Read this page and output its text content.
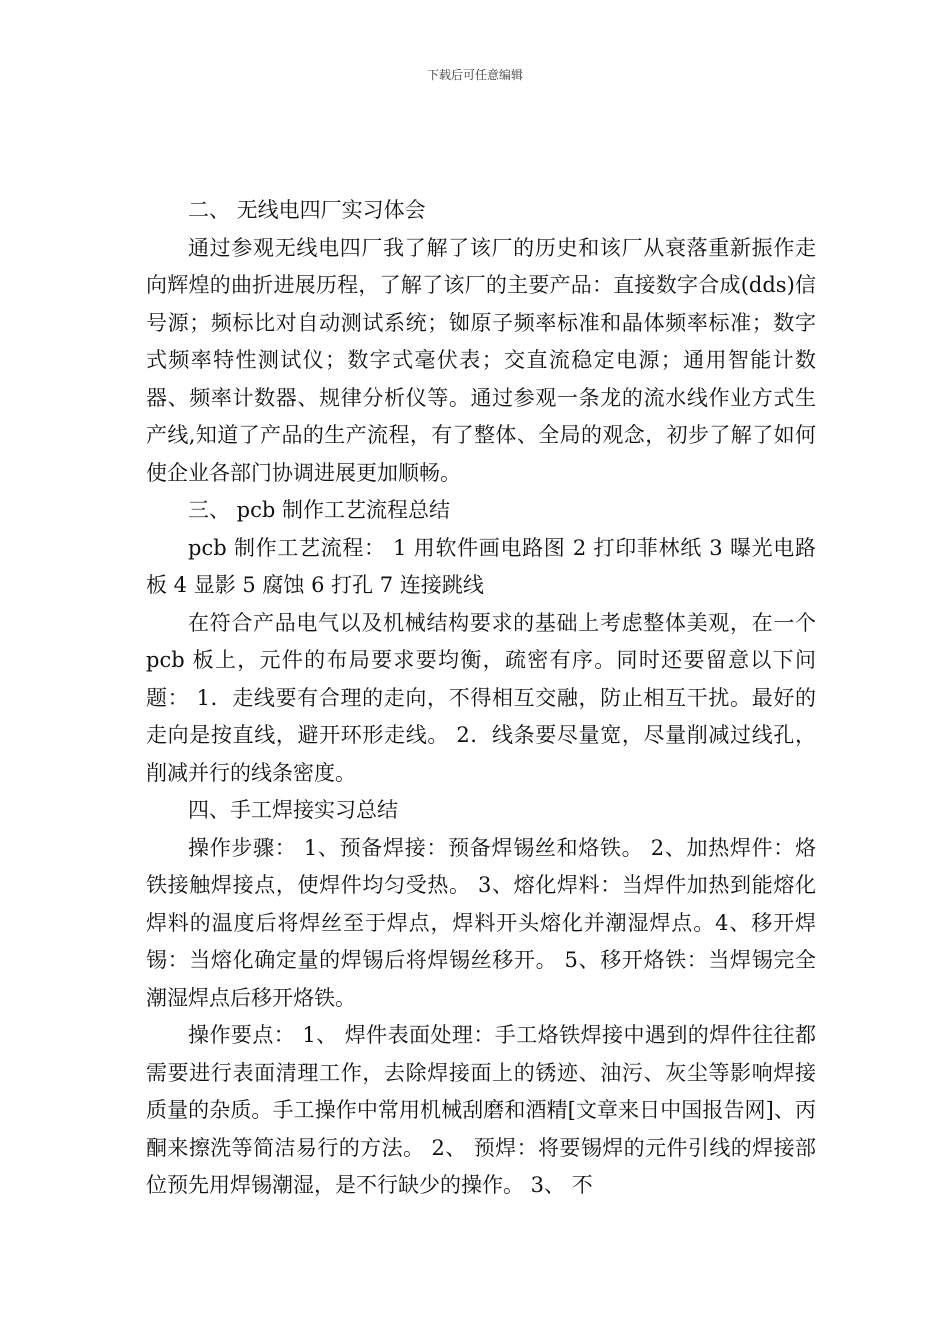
下载后可任意编辑

二、 无线电四厂实习体会

通过参观无线电四厂我了解了该厂的历史和该厂从衰落重新振作走向辉煌的曲折进展历程，了解了该厂的主要产品：直接数字合成(dds)信号源；频标比对自动测试系统；铷原子频率标准和晶体频率标准；数字式频率特性测试仪；数字式毫伏表；交直流稳定电源；通用智能计数器、频率计数器、规律分析仪等。通过参观一条龙的流水线作业方式生产线,知道了产品的生产流程，有了整体、全局的观念，初步了解了如何使企业各部门协调进展更加顺畅。

三、 pcb 制作工艺流程总结

pcb 制作工艺流程： 1 用软件画电路图 2 打印菲林纸 3 曝光电路板 4 显影 5 腐蚀 6 打孔 7 连接跳线

在符合产品电气以及机械结构要求的基础上考虑整体美观，在一个 pcb 板上，元件的布局要求要均衡，疏密有序。同时还要留意以下问题： 1．走线要有合理的走向，不得相互交融，防止相互干扰。最好的走向是按直线，避开环形走线。 2．线条要尽量宽，尽量削减过线孔，削减并行的线条密度。

四、手工焊接实习总结

操作步骤： 1、预备焊接：预备焊锡丝和烙铁。 2、加热焊件：烙铁接触焊接点，使焊件均匀受热。 3、熔化焊料：当焊件加热到能熔化焊料的温度后将焊丝至于焊点，焊料开头熔化并潮湿焊点。4、移开焊锡：当熔化确定量的焊锡后将焊锡丝移开。 5、移开烙铁：当焊锡完全潮湿焊点后移开烙铁。

操作要点： 1、 焊件表面处理：手工烙铁焊接中遇到的焊件往往都需要进行表面清理工作，去除焊接面上的锈迹、油污、灰尘等影响焊接质量的杂质。手工操作中常用机械刮磨和酒精[文章来日中国报告网]、丙酮来擦洗等简洁易行的方法。 2、 预焊：将要锡焊的元件引线的焊接部位预先用焊锡潮湿，是不行缺少的操作。 3、 不
